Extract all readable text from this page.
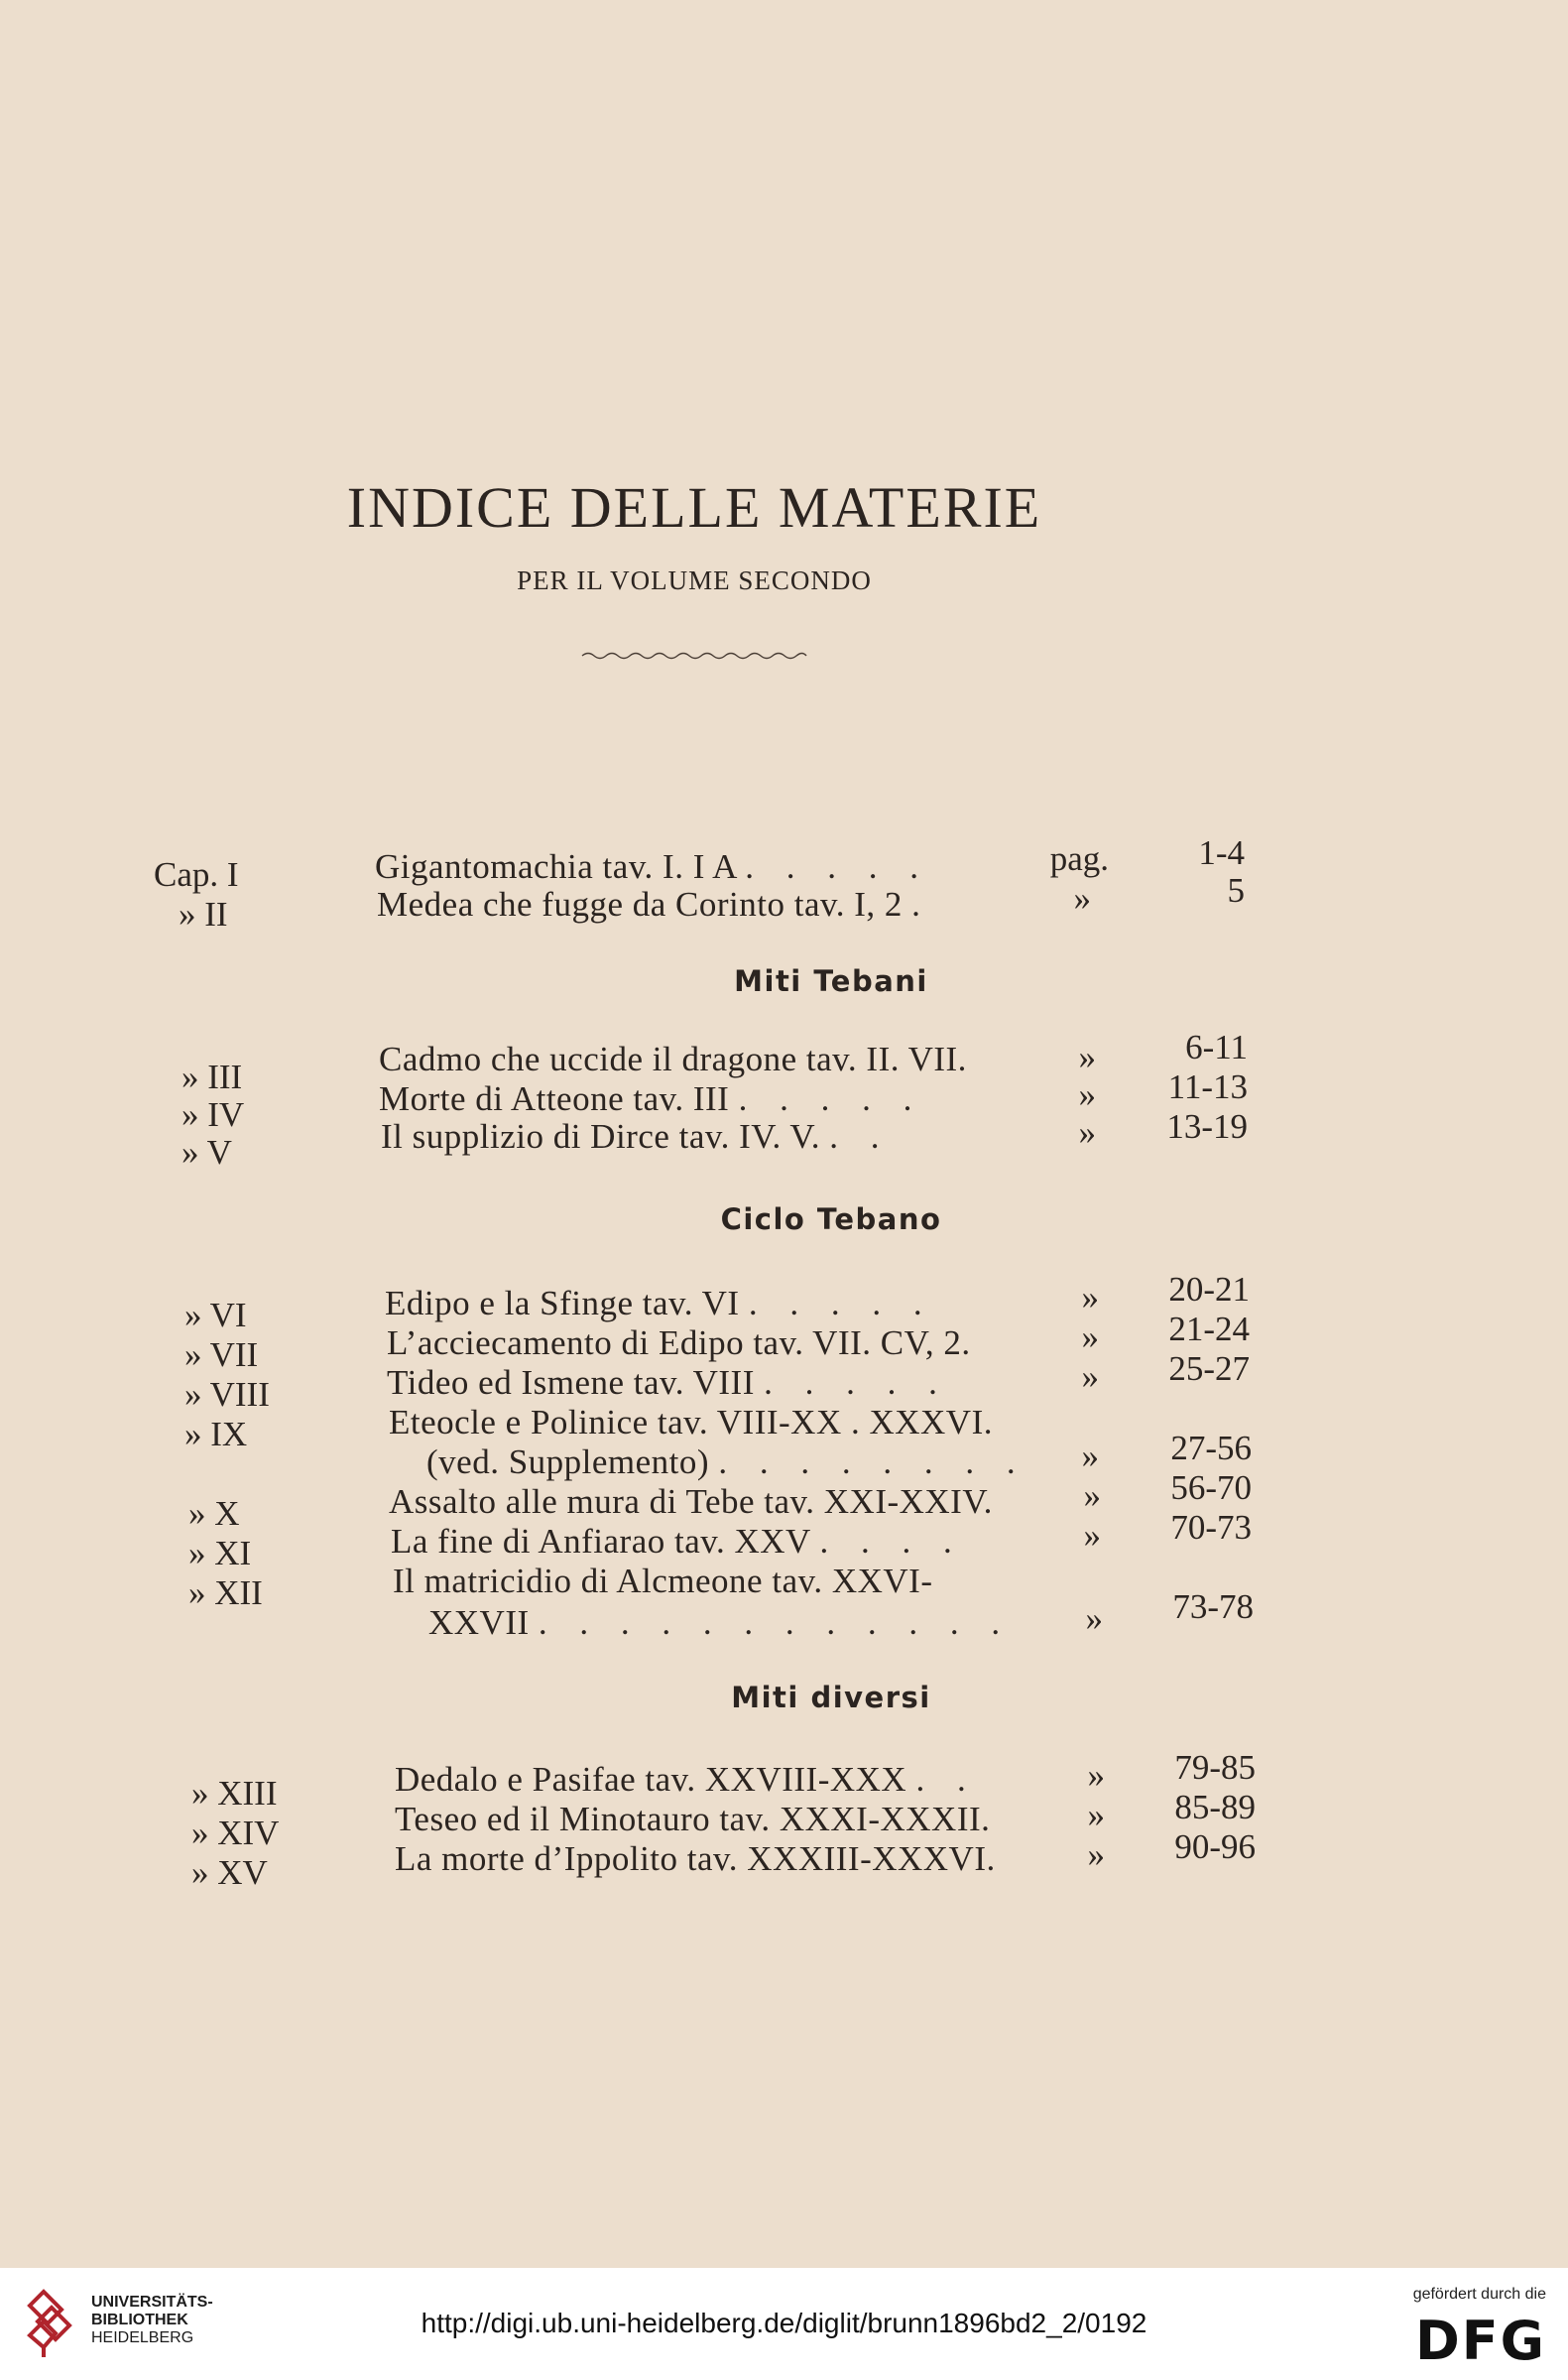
INDICE DELLE MATERIE
PER IL VOLUME SECONDO
Cap. I	Gigantomachia tav. I. I A . . . . .	pag.	1-4
» II	Medea che fugge da Corinto tav. I, 2 .	»	5
Miti Tebani
» III	Cadmo che uccide il dragone tav. II. VII.	»	6-11
» IV	Morte di Atteone tav. III . . . . .	»	11-13
» V	Il supplizio di Dirce tav. IV. V. . .	»	13-19
Ciclo Tebano
» VI	Edipo e la Sfinge tav. VI . . . . .	»	20-21
» VII	L’acciecamento di Edipo tav. VII. CV, 2.	»	21-24
» VIII	Tideo ed Ismene tav. VIII . . . . .	»	25-27
» IX	Eteocle e Polinice tav. VIII-XX . XXXVI.
(ved. Supplemento) . . . . . . . .	»	27-56
» X	Assalto alle mura di Tebe tav. XXI-XXIV.	»	56-70
» XI	La fine di Anfiarao tav. XXV . . . .	»	70-73
» XII	Il matricidio di Alcmeone tav. XXVI-
XXVII . . . . . . . . . . . .	»	73-78
Miti diversi
» XIII	Dedalo e Pasifae tav. XXVIII-XXX . .	»	79-85
» XIV	Teseo ed il Minotauro tav. XXXI-XXXII.	»	85-89
» XV	La morte d’Ippolito tav. XXXIII-XXXVI.	»	90-96
UNIVERSITÄTS-
BIBLIOTHEK
HEIDELBERG	http://digi.ub.uni-heidelberg.de/diglit/brunn1896bd2_2/0192
gefördert durch die
DFG
